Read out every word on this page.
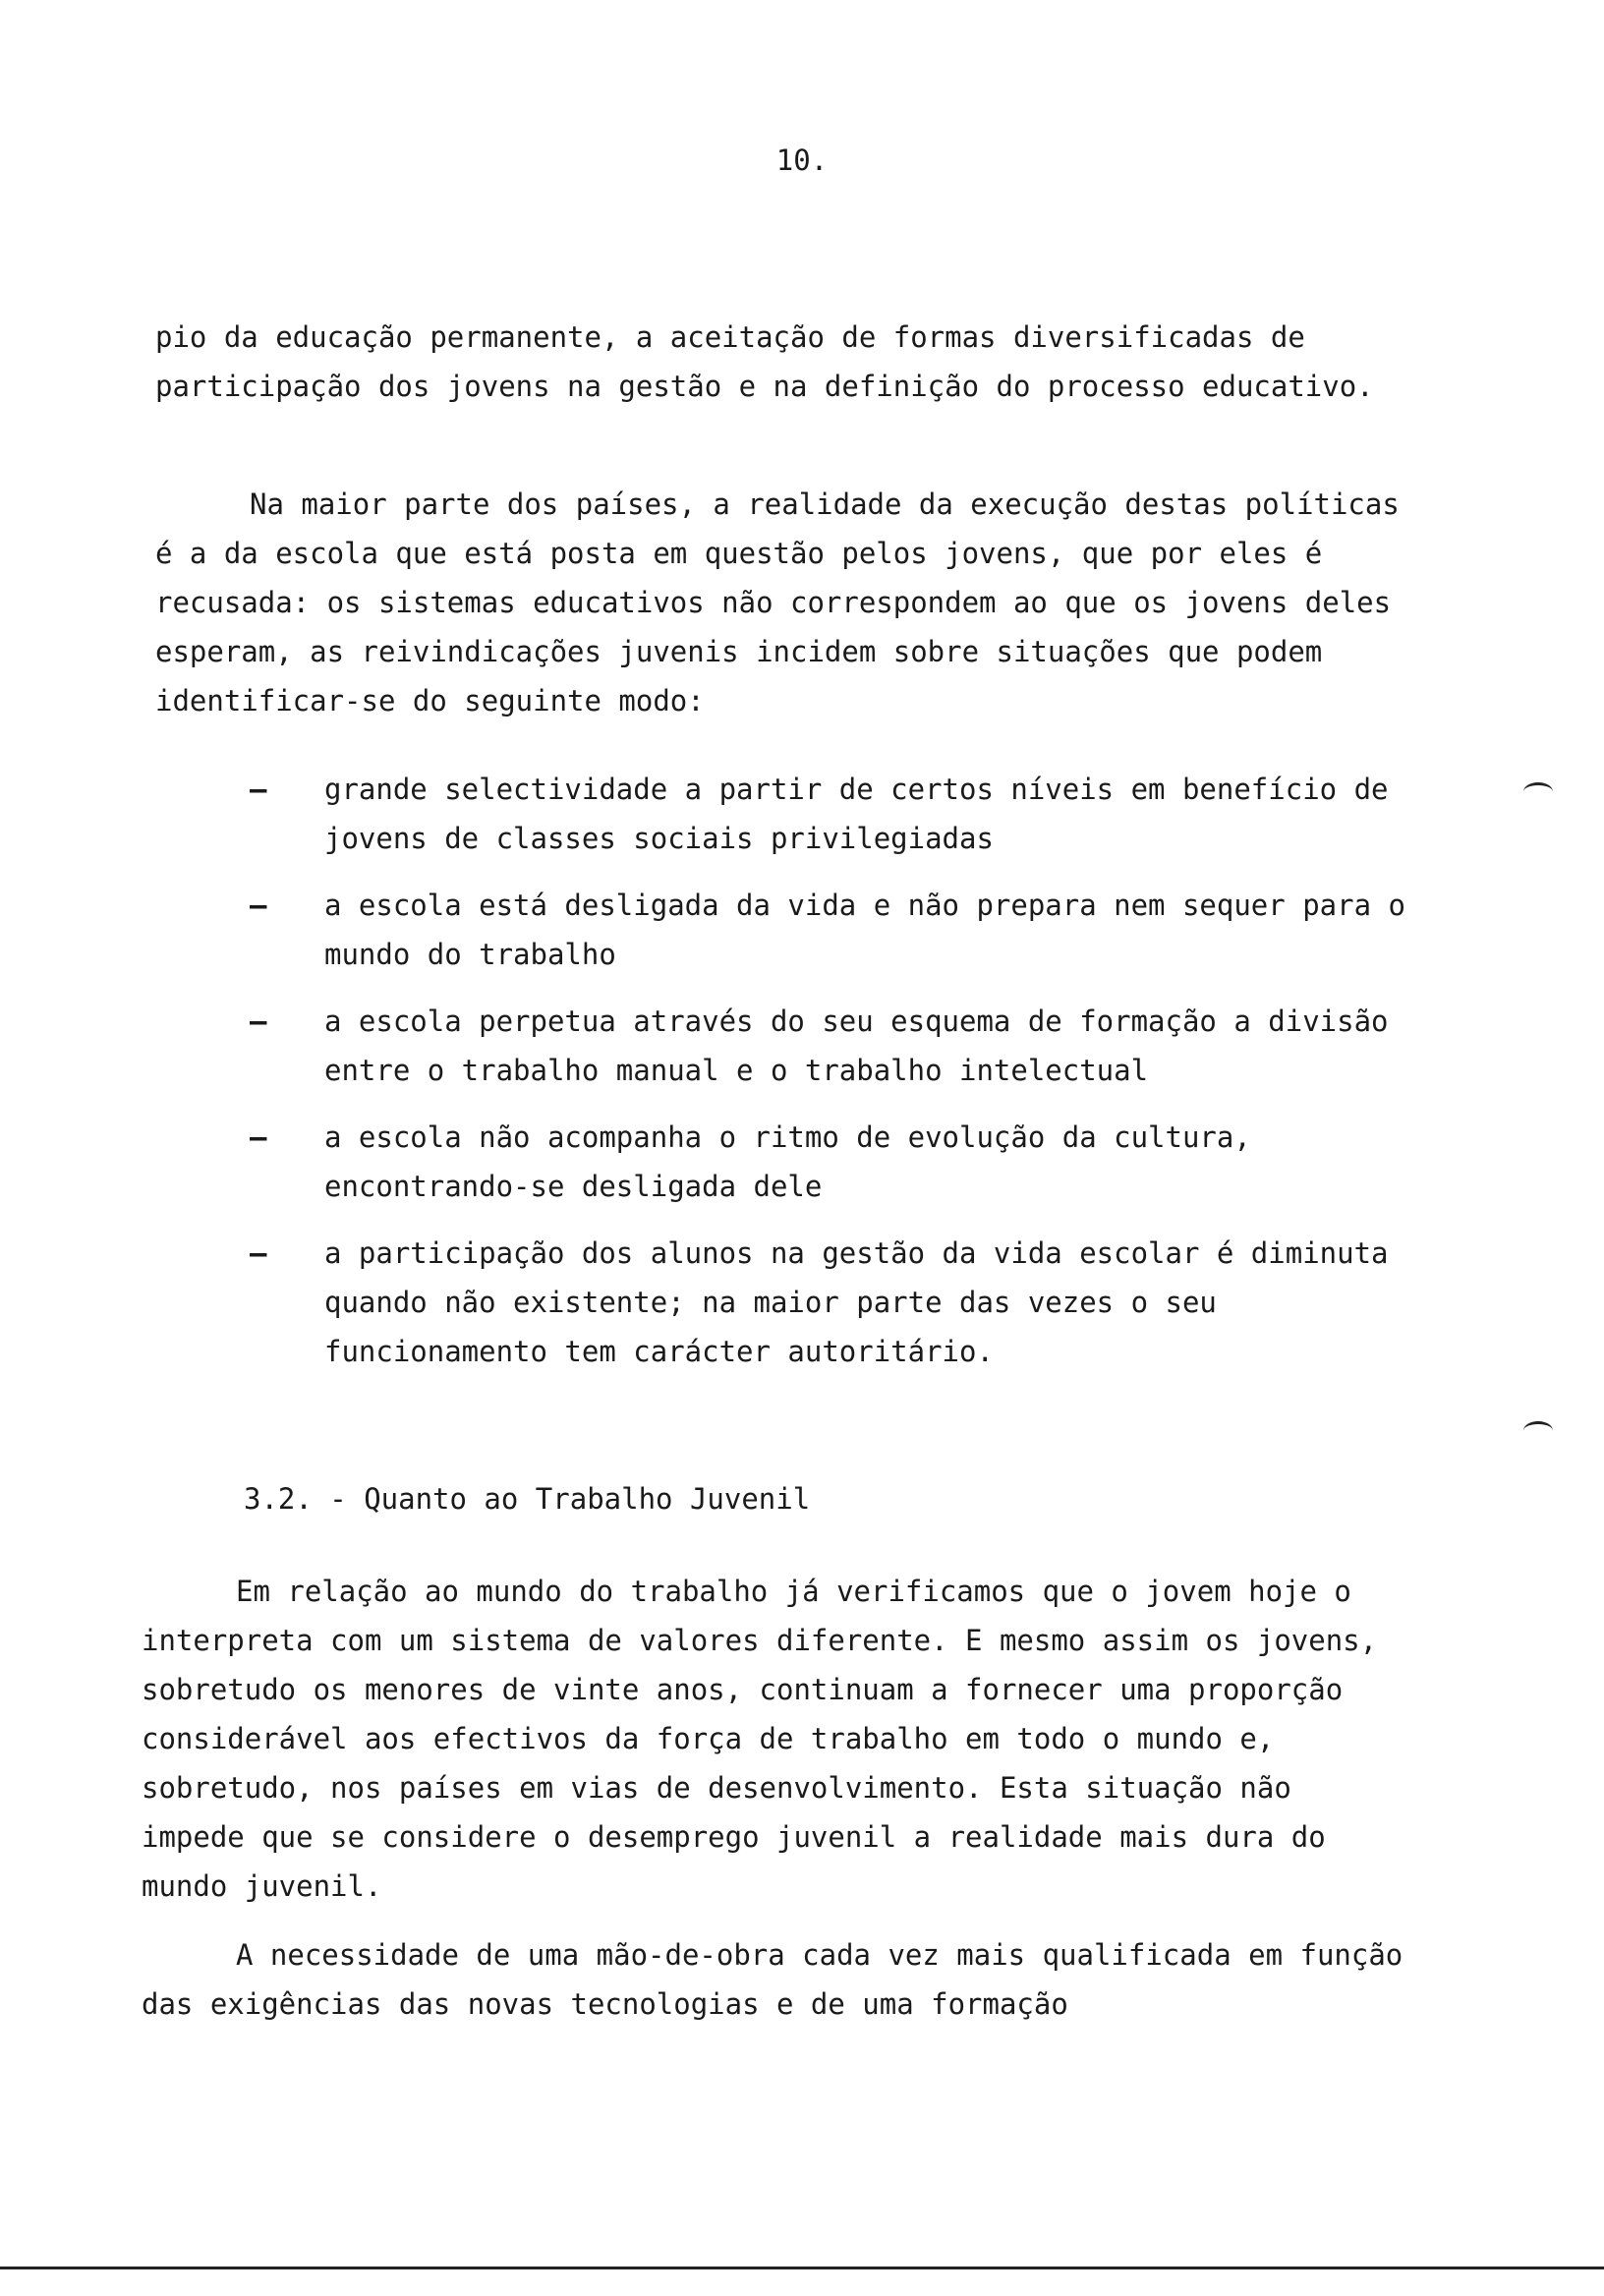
10.
pio da educação permanente, a aceitação de formas diversificadas de participação dos jovens na gestão e na definição do processo educativo.
Na maior parte dos países, a realidade da execução destas políticas é a da escola que está posta em questão pelos jovens, que por eles é recusada: os sistemas educativos não correspondem ao que os jovens deles esperam, as reivindicações juvenis incidem sobre situações que podem identificar-se do seguinte modo:
— grande selectividade a partir de certos níveis em benefício de jovens de classes sociais privilegiadas
— a escola está desligada da vida e não prepara nem sequer para o mundo do trabalho
— a escola perpetua através do seu esquema de formação a divisão entre o trabalho manual e o trabalho intelectual
— a escola não acompanha o ritmo de evolução da cultura, encontrando-se desligada dele
— a participação dos alunos na gestão da vida escolar é diminuta quando não existente; na maior parte das vezes o seu funcionamento tem carácter autoritário.
3.2. - Quanto ao Trabalho Juvenil
Em relação ao mundo do trabalho já verificamos que o jovem hoje o interpreta com um sistema de valores diferente. E mesmo assim os jovens, sobretudo os menores de vinte anos, continuam a fornecer uma proporção considerável aos efectivos da força de trabalho em todo o mundo e, sobretudo, nos países em vias de desenvolvimento. Esta situação não impede que se considere o desemprego juvenil a realidade mais dura do mundo juvenil.
A necessidade de uma mão-de-obra cada vez mais qualificada em função das exigências das novas tecnologias e de uma formação
